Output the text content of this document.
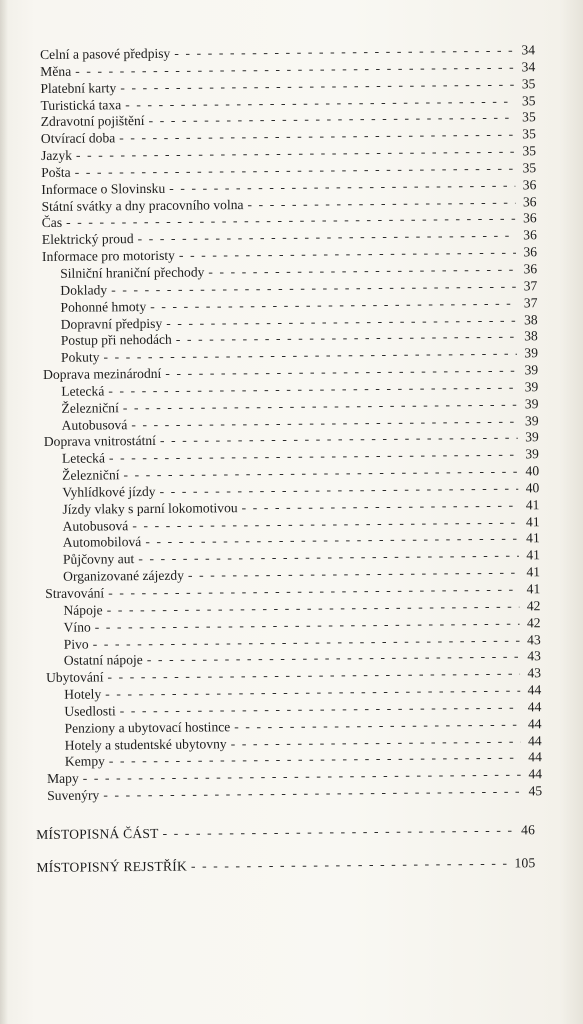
Celní a pasové předpisy - - -	34
Měna - - -	34
Platební karty - - -	35
Turistická taxa - - -	35
Zdravotní pojištění - - -	35
Otvírací doba - - -	35
Jazyk - - -	35
Pošta - - -	35
Informace o Slovinsku - - -	36
Státní svátky a dny pracovního volna - - -	36
Čas - - -	36
Elektrický proud - - -	36
Informace pro motoristy - - -	36
Silniční hraniční přechody - - -	36
Doklady - - -	37
Pohonné hmoty - - -	37
Dopravní předpisy - - -	38
Postup při nehodách - - -	38
Pokuty - - -	39
Doprava mezinárodní - - -	39
Letecká - - -	39
Železniční - - -	39
Autobusová - - -	39
Doprava vnitrostátní - - -	39
Letecká - - -	39
Železniční - - -	40
Vyhlídkové jízdy - - -	40
Jízdy vlaky s parní lokomotivou - - -	41
Autobusová - - -	41
Automobilová - - -	41
Půjčovny aut - - -	41
Organizované zájezdy - - -	41
Stravování - - -	41
Nápoje - - -	42
Víno - - -	42
Pivo - - -	43
Ostatní nápoje - - -	43
Ubytování - - -	43
Hotely - - -	44
Usedlosti - - -	44
Penziony a ubytovací hostince - - -	44
Hotely a studentské ubytovny - - -	44
Kempy - - -	44
Mapy - - -	44
Suvenýry - - -	45
MÍSTOPISNÁ ČÁST - - -	46
MÍSTOPISNÝ REJSTŘÍK - - -	105
